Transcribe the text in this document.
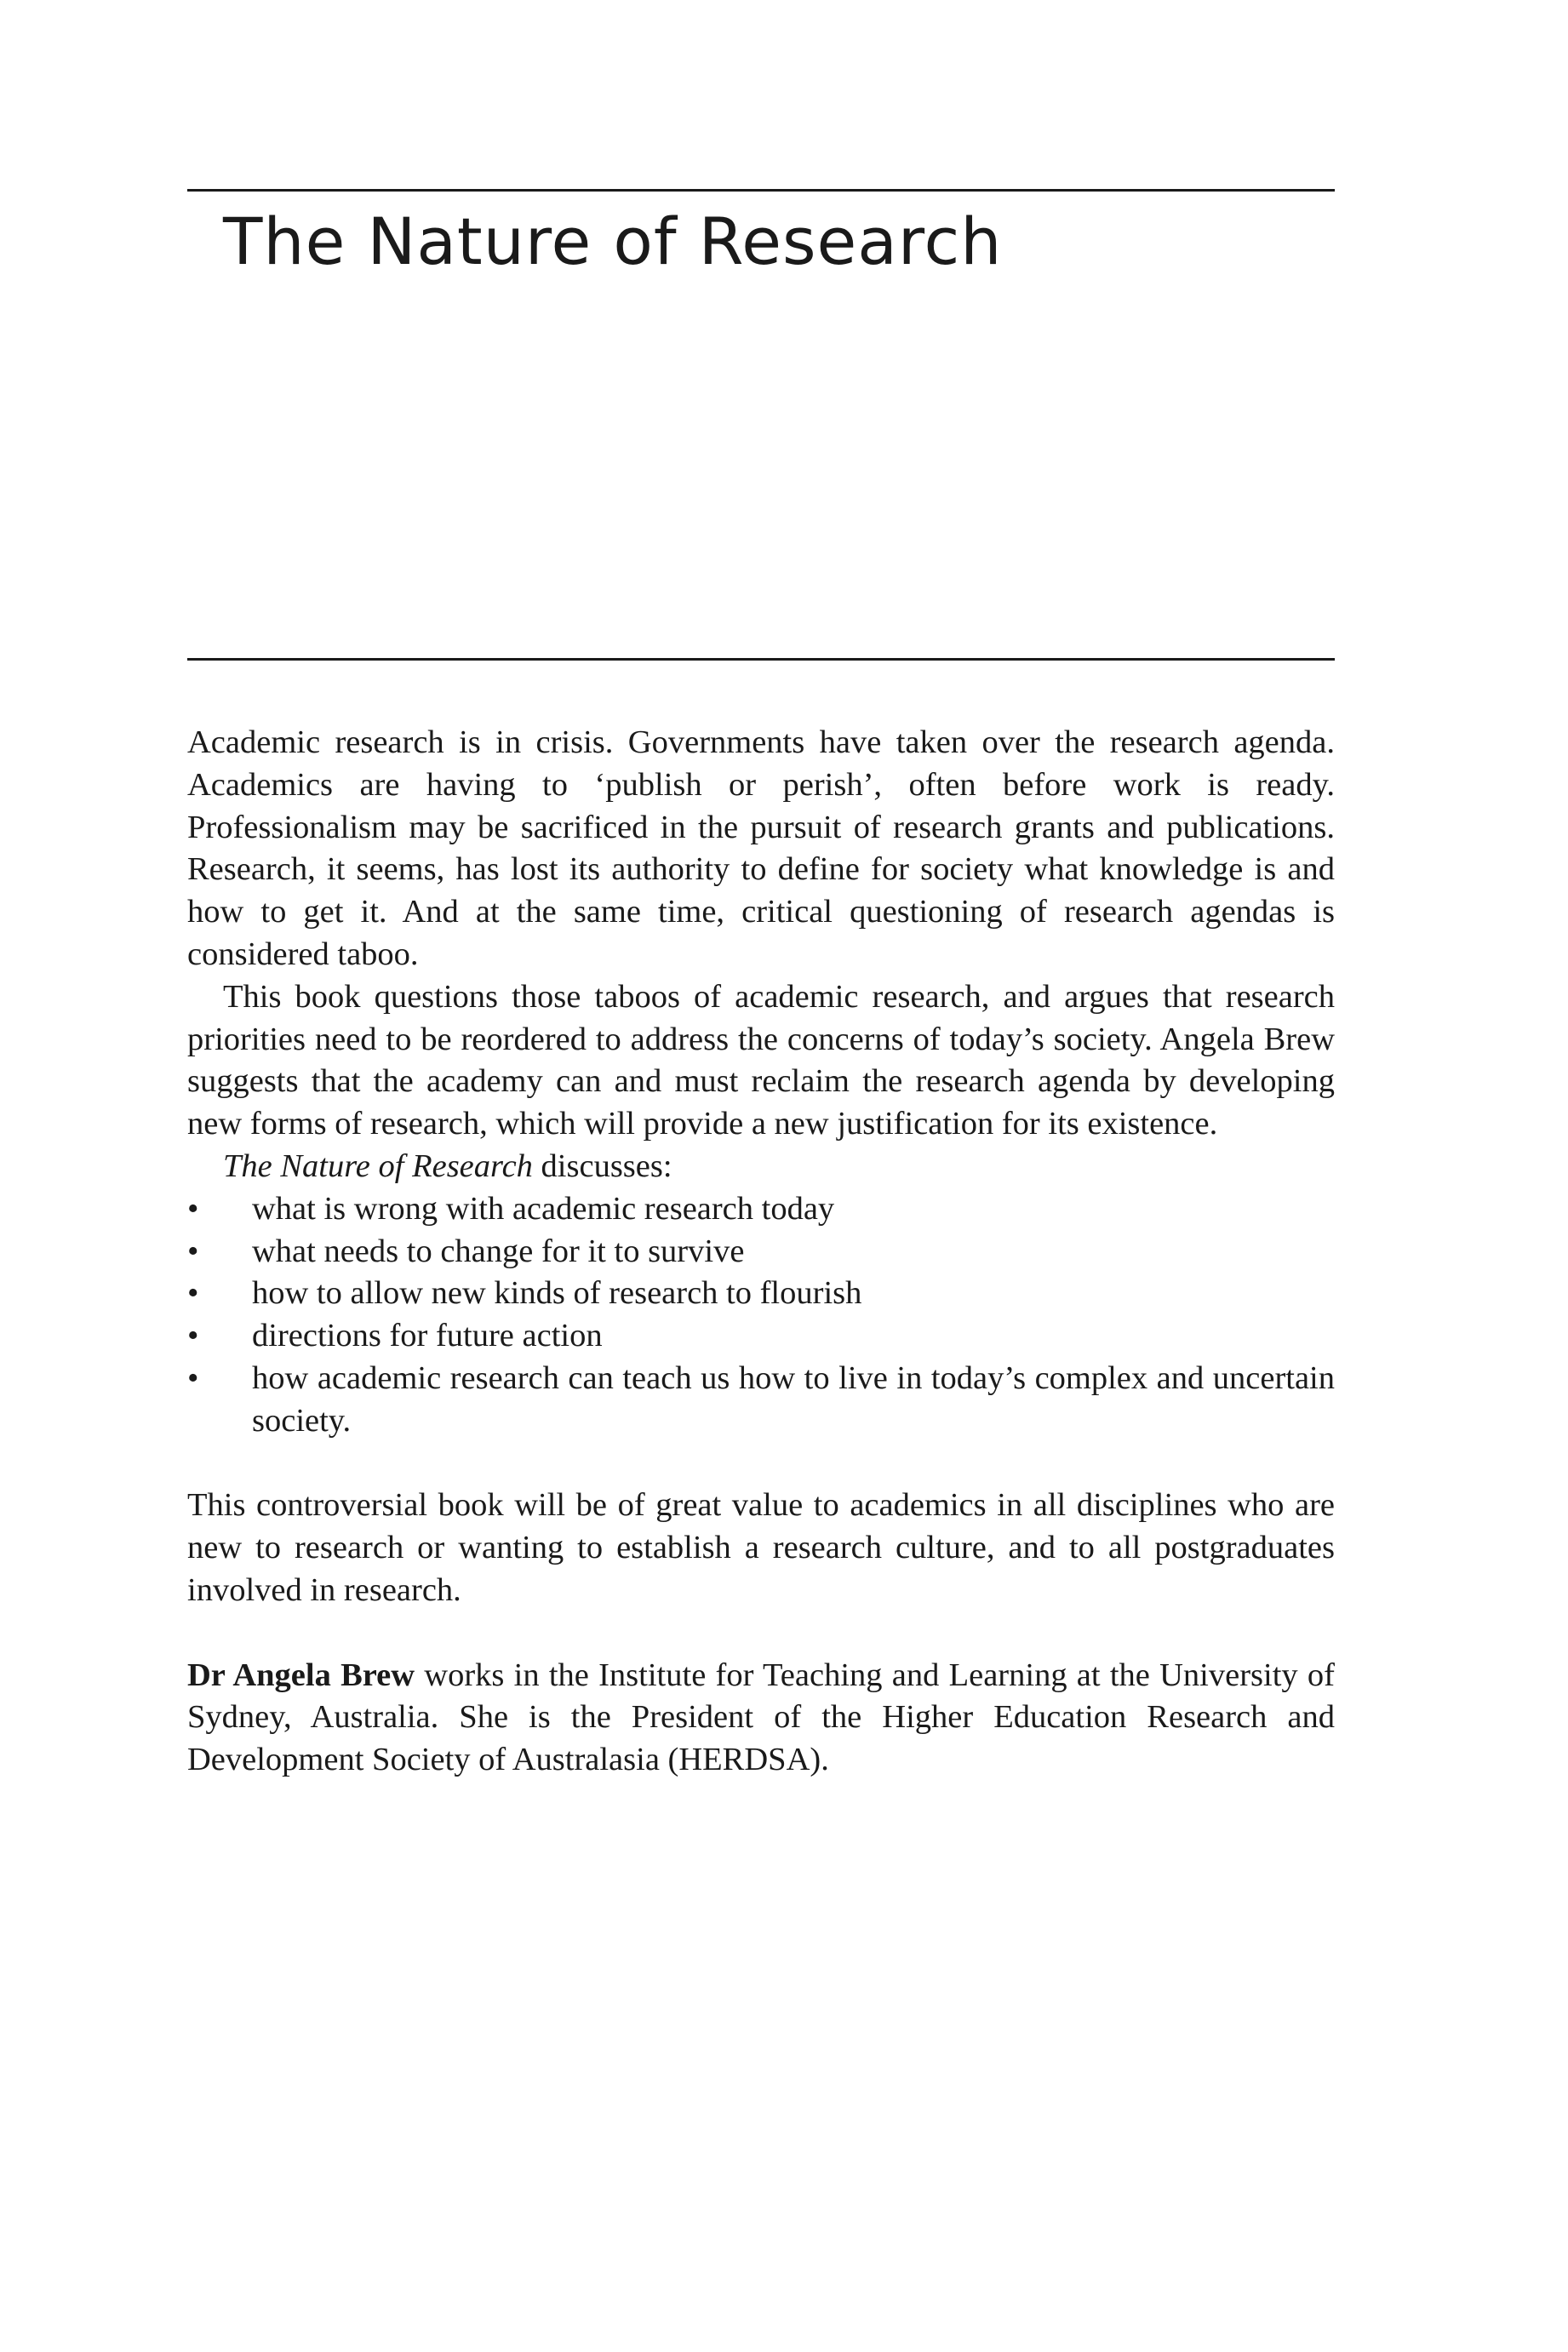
The Nature of Research

Academic research is in crisis. Governments have taken over the research agenda. Academics are having to ‘publish or perish’, often before work is ready. Professionalism may be sacrificed in the pursuit of research grants and publications. Research, it seems, has lost its authority to define for society what knowledge is and how to get it. And at the same time, critical questioning of research agendas is considered taboo.

This book questions those taboos of academic research, and argues that research priorities need to be reordered to address the concerns of today’s society. Angela Brew suggests that the academy can and must reclaim the research agenda by developing new forms of research, which will provide a new justification for its existence.

The Nature of Research discusses:

• what is wrong with academic research today
• what needs to change for it to survive
• how to allow new kinds of research to flourish
• directions for future action
• how academic research can teach us how to live in today’s complex and uncertain society.

This controversial book will be of great value to academics in all disciplines who are new to research or wanting to establish a research culture, and to all postgraduates involved in research.

Dr Angela Brew works in the Institute for Teaching and Learning at the University of Sydney, Australia. She is the President of the Higher Education Research and Development Society of Australasia (HERDSA).
